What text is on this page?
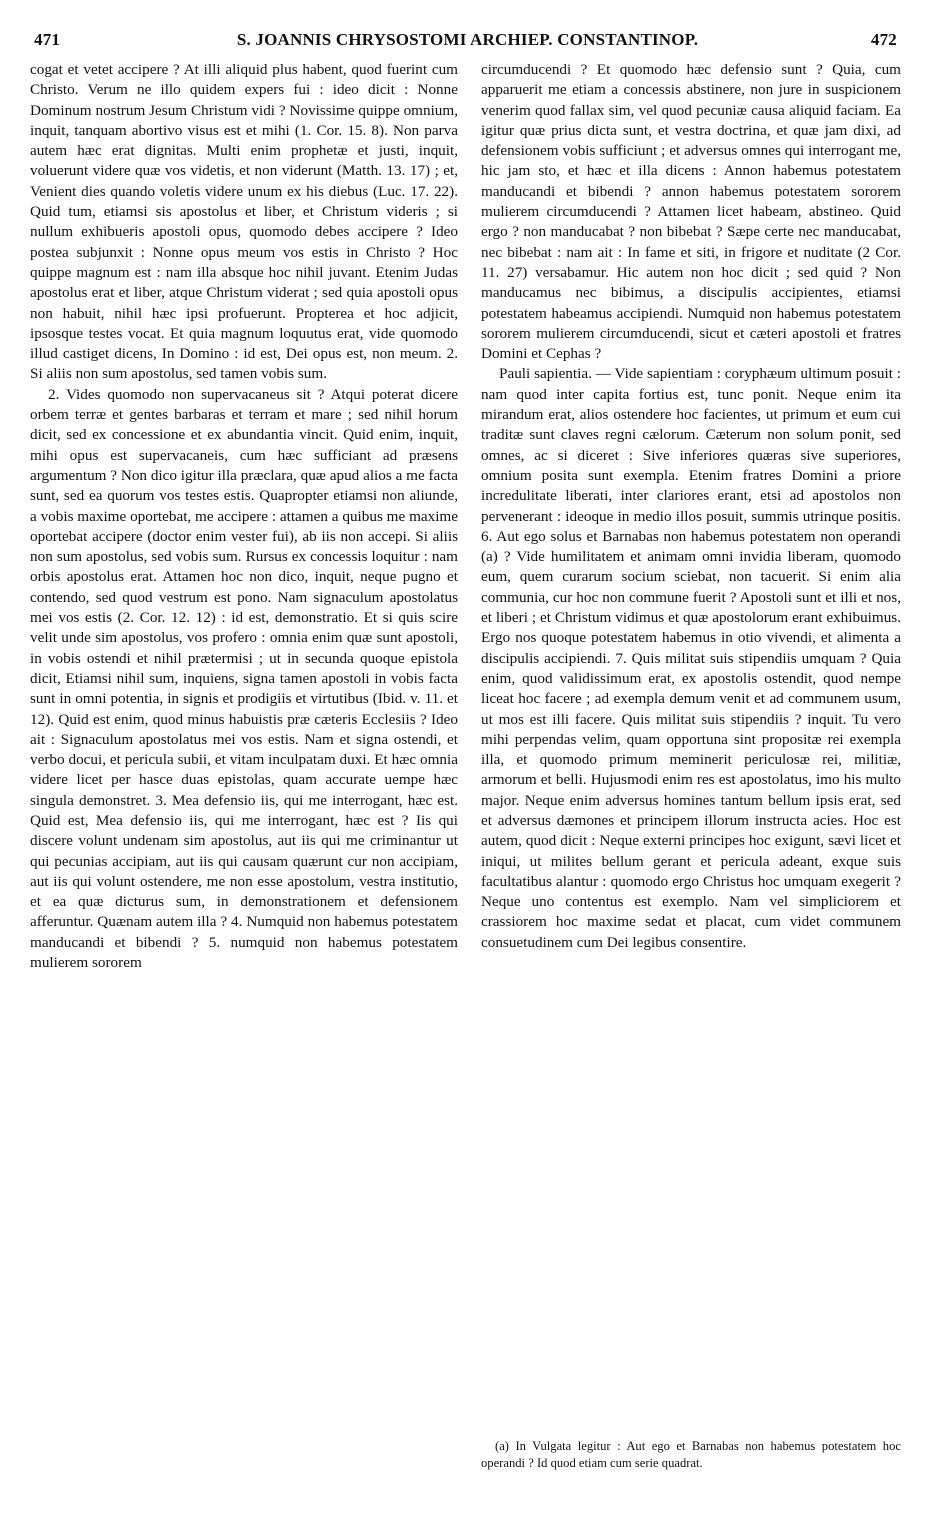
471	S. JOANNIS CHRYSOSTOMI ARCHIEP. CONSTANTINOP.	472

cogat et vetet accipere ? At illi aliquid plus habent, quod fuerint cum Christo. Verum ne illo quidem expers fui : ideo dicit : Nonne Dominum nostrum Jesum Christum vidi ? Novissime quippe omnium, inquit, tanquam abortivo visus est et mihi (1. Cor. 15. 8). Non parva autem hæc erat dignitas. Multi enim prophetæ et justi, inquit, voluerunt videre quæ vos videtis, et non viderunt (Matth. 13. 17) ; et, Venient dies quando voletis videre unum ex his diebus (Luc. 17. 22). Quid tum, etiamsi sis apostolus et liber, et Christum videris ; si nullum exhibueris apostoli opus, quomodo debes accipere ? Ideo postea subjunxit : Nonne opus meum vos estis in Christo ? Hoc quippe magnum est : nam illa absque hoc nihil juvant. Etenim Judas apostolus erat et liber, atque Christum viderat ; sed quia apostoli opus non habuit, nihil hæc ipsi profuerunt. Propterea et hoc adjicit, ipsosque testes vocat. Et quia magnum loquutus erat, vide quomodo illud castiget dicens, In Domino : id est, Dei opus est, non meum. 2. Si aliis non sum apostolus, sed tamen vobis sum.

2. Vides quomodo non supervacaneus sit ? Atqui poterat dicere orbem terræ et gentes barbaras et terram et mare ; sed nihil horum dicit, sed ex concessione et ex abundantia vincit. Quid enim, inquit, mihi opus est supervacaneis, cum hæc sufficiant ad præsens argumentum ? Non dico igitur illa præclara, quæ apud alios a me facta sunt, sed ea quorum vos testes estis. Quapropter etiamsi non aliunde, a vobis maxime oportebat, me accipere : attamen a quibus me maxime oportebat accipere (doctor enim vester fui), ab iis non accepi. Si aliis non sum apostolus, sed vobis sum. Rursus ex concessis loquitur : nam orbis apostolus erat. Attamen hoc non dico, inquit, neque pugno et contendo, sed quod vestrum est pono. Nam signaculum apostolatus mei vos estis (2. Cor. 12. 12) : id est, demonstratio. Et si quis scire velit unde sim apostolus, vos profero : omnia enim quæ sunt apostoli, in vobis ostendi et nihil prætermisi ; ut in secunda quoque epistola dicit, Etiamsi nihil sum, inquiens, signa tamen apostoli in vobis facta sunt in omni potentia, in signis et prodigiis et virtutibus (Ibid. v. 11. et 12). Quid est enim, quod minus habuistis præ cæteris Ecclesiis ? Ideo ait : Signaculum apostolatus mei vos estis. Nam et signa ostendi, et verbo docui, et pericula subii, et vitam inculpatam duxi. Et hæc omnia videre licet per hasce duas epistolas, quam accurate uempe hæc singula demonstret. 3. Mea defensio iis, qui me interrogant, hæc est. Quid est, Mea defensio iis, qui me interrogant, hæc est ? Iis qui discere volunt undenam sim apostolus, aut iis qui me criminantur ut qui pecunias accipiam, aut iis qui causam quærunt cur non accipiam, aut iis qui volunt ostendere, me non esse apostolum, vestra institutio, et ea quæ dicturus sum, in demonstrationem et defensionem afferuntur. Quænam autem illa ? 4. Numquid non habemus potestatem manducandi et bibendi ? 5. numquid non habemus potestatem mulierem sororem

circumducendi ? Et quomodo hæc defensio sunt ? Quia, cum apparuerit me etiam a concessis abstinere, non jure in suspicionem venerim quod fallax sim, vel quod pecuniæ causa aliquid faciam. Ea igitur quæ prius dicta sunt, et vestra doctrina, et quæ jam dixi, ad defensionem vobis sufficiunt ; et adversus omnes qui interrogant me, hic jam sto, et hæc et illa dicens : Annon habemus potestatem manducandi et bibendi ? annon habemus potestatem sororem mulierem circumducendi ? Attamen licet habeam, abstineo. Quid ergo ? non manducabat ? non bibebat ? Sæpe certe nec manducabat, nec bibebat : nam ait : In fame et siti, in frigore et nuditate (2 Cor. 11. 27) versabamur. Hic autem non hoc dicit ; sed quid ? Non manducamus nec bibimus, a discipulis accipientes, etiamsi potestatem habeamus accipiendi. Numquid non habemus potestatem sororem mulierem circumducendi, sicut et cæteri apostoli et fratres Domini et Cephas ?

Pauli sapientia. — Vide sapientiam : coryphæum ultimum posuit : nam quod inter capita fortius est, tunc ponit. Neque enim ita mirandum erat, alios ostendere hoc facientes, ut primum et eum cui traditæ sunt claves regni cælorum. Cæterum non solum ponit, sed omnes, ac si diceret : Sive inferiores quæras sive superiores, omnium posita sunt exempla. Etenim fratres Domini a priore incredulitate liberati, inter clariores erant, etsi ad apostolos non pervenerant : ideoque in medio illos posuit, summis utrinque positis. 6. Aut ego solus et Barnabas non habemus potestatem non operandi (a) ? Vide humilitatem et animam omni invidia liberam, quomodo eum, quem curarum socium sciebat, non tacuerit. Si enim alia communia, cur hoc non commune fuerit ? Apostoli sunt et illi et nos, et liberi ; et Christum vidimus et quæ apostolorum erant exhibuimus. Ergo nos quoque potestatem habemus in otio vivendi, et alimenta a discipulis accipiendi. 7. Quis militat suis stipendiis umquam ? Quia enim, quod validissimum erat, ex apostolis ostendit, quod nempe liceat hoc facere ; ad exempla demum venit et ad communem usum, ut mos est illi facere. Quis militat suis stipendiis ? inquit. Tu vero mihi perpendas velim, quam opportuna sint propositæ rei exempla illa, et quomodo primum meminerit periculosæ rei, militiæ, armorum et belli. Hujusmodi enim res est apostolatus, imo his multo major. Neque enim adversus homines tantum bellum ipsis erat, sed et adversus dæmones et principem illorum instructa acies. Hoc est autem, quod dicit : Neque externi principes hoc exigunt, sævi licet et iniqui, ut milites bellum gerant et pericula adeant, exque suis facultatibus alantur : quomodo ergo Christus hoc umquam exegerit ? Neque uno contentus est exemplo. Nam vel simpliciorem et crassiorem hoc maxime sedat et placat, cum videt communem consuetudinem cum Dei legibus consentire.

(a) In Vulgata legitur : Aut ego et Barnabas non habemus potestatem hoc operandi ? Id quod etiam cum serie quadrat.
